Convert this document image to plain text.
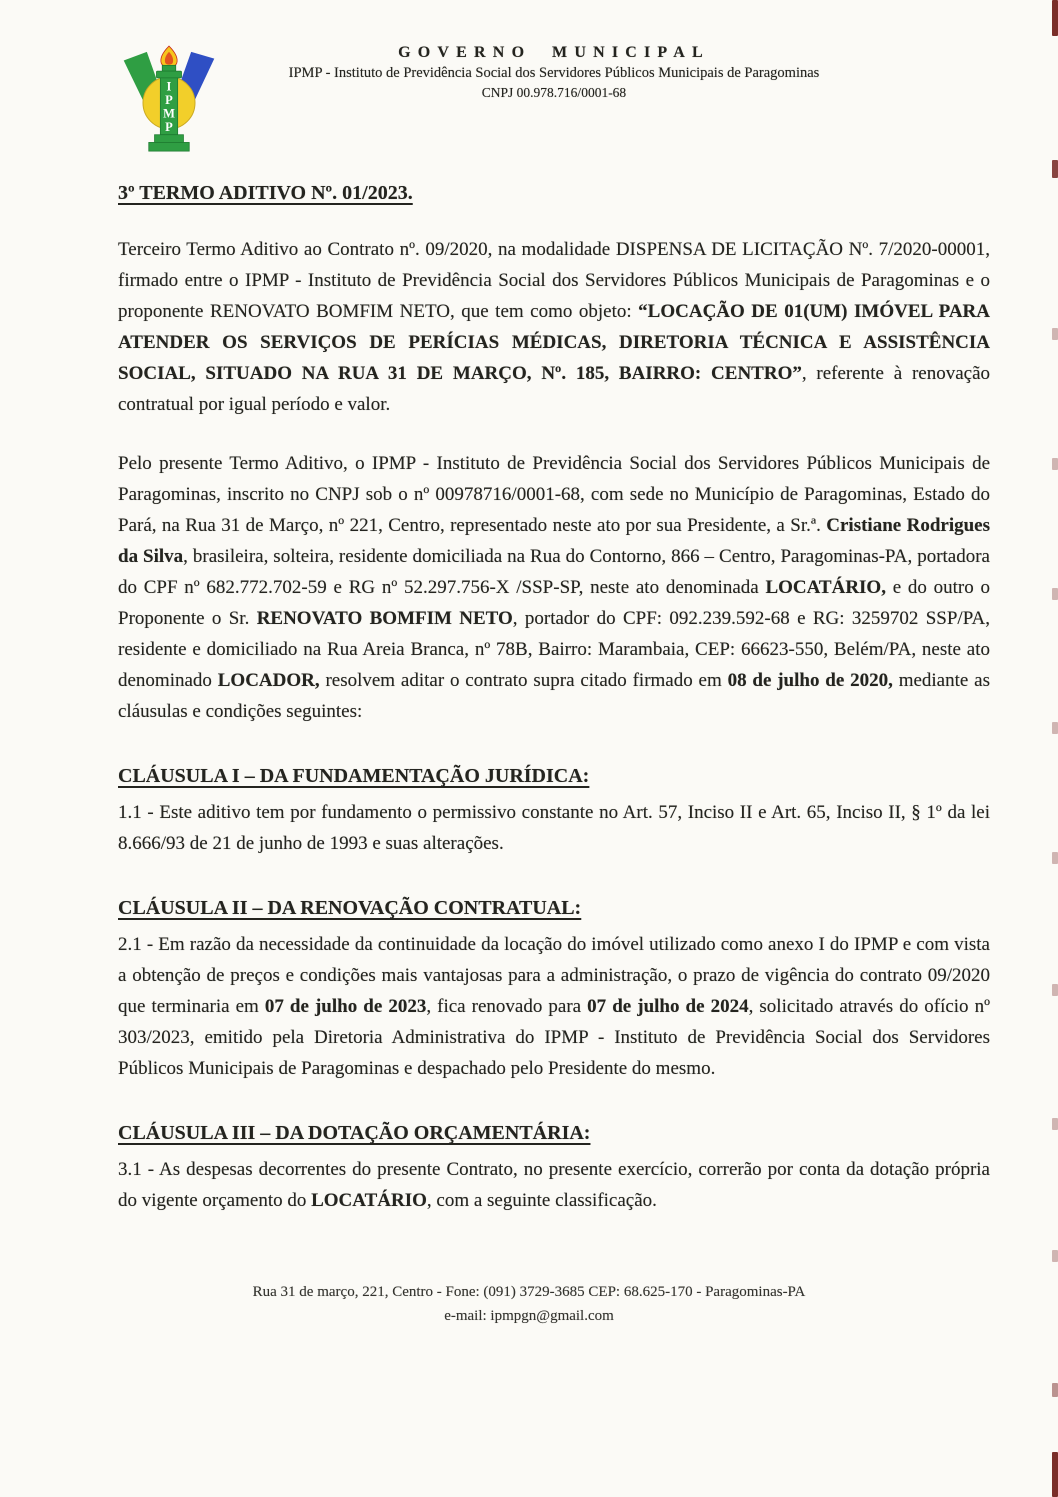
I
P
M
P
GOVERNO MUNICIPAL
IPMP - Instituto de Previdência Social dos Servidores Públicos Municipais de Paragominas
CNPJ 00.978.716/0001-68
3º TERMO ADITIVO Nº. 01/2023.

Terceiro Termo Aditivo ao Contrato nº. 09/2020, na modalidade DISPENSA DE LICITAÇÃO Nº. 7/2020-00001, firmado entre o IPMP - Instituto de Previdência Social dos Servidores Públicos Municipais de Paragominas e o proponente RENOVATO BOMFIM NETO, que tem como objeto: “LOCAÇÃO DE 01(UM) IMÓVEL PARA ATENDER OS SERVIÇOS DE PERÍCIAS MÉDICAS, DIRETORIA TÉCNICA E ASSISTÊNCIA SOCIAL, SITUADO NA RUA 31 DE MARÇO, Nº. 185, BAIRRO: CENTRO”, referente à renovação contratual por igual período e valor.

Pelo presente Termo Aditivo, o IPMP - Instituto de Previdência Social dos Servidores Públicos Municipais de Paragominas, inscrito no CNPJ sob o nº 00978716/0001-68, com sede no Município de Paragominas, Estado do Pará, na Rua 31 de Março, nº 221, Centro, representado neste ato por sua Presidente, a Sr.ª. Cristiane Rodrigues da Silva, brasileira, solteira, residente domiciliada na Rua do Contorno, 866 – Centro, Paragominas-PA, portadora do CPF nº 682.772.702-59 e RG nº 52.297.756-X /SSP-SP, neste ato denominada LOCATÁRIO, e do outro o Proponente o Sr. RENOVATO BOMFIM NETO, portador do CPF: 092.239.592-68 e RG: 3259702 SSP/PA, residente e domiciliado na Rua Areia Branca, nº 78B, Bairro: Marambaia, CEP: 66623-550, Belém/PA, neste ato denominado LOCADOR, resolvem aditar o contrato supra citado firmado em 08 de julho de 2020, mediante as cláusulas e condições seguintes:

CLÁUSULA I – DA FUNDAMENTAÇÃO JURÍDICA:

1.1 - Este aditivo tem por fundamento o permissivo constante no Art. 57, Inciso II e Art. 65, Inciso II, § 1º da lei 8.666/93 de 21 de junho de 1993 e suas alterações.

CLÁUSULA II – DA RENOVAÇÃO CONTRATUAL:

2.1 - Em razão da necessidade da continuidade da locação do imóvel utilizado como anexo I do IPMP e com vista a obtenção de preços e condições mais vantajosas para a administração, o prazo de vigência do contrato 09/2020 que terminaria em 07 de julho de 2023, fica renovado para 07 de julho de 2024, solicitado através do ofício nº 303/2023, emitido pela Diretoria Administrativa do IPMP - Instituto de Previdência Social dos Servidores Públicos Municipais de Paragominas e despachado pelo Presidente do mesmo.

CLÁUSULA III – DA DOTAÇÃO ORÇAMENTÁRIA:

3.1 - As despesas decorrentes do presente Contrato, no presente exercício, correrão por conta da dotação própria do vigente orçamento do LOCATÁRIO, com a seguinte classificação.

Rua 31 de março, 221, Centro - Fone: (091) 3729-3685 CEP: 68.625-170 - Paragominas-PA
e-mail: ipmpgn@gmail.com
